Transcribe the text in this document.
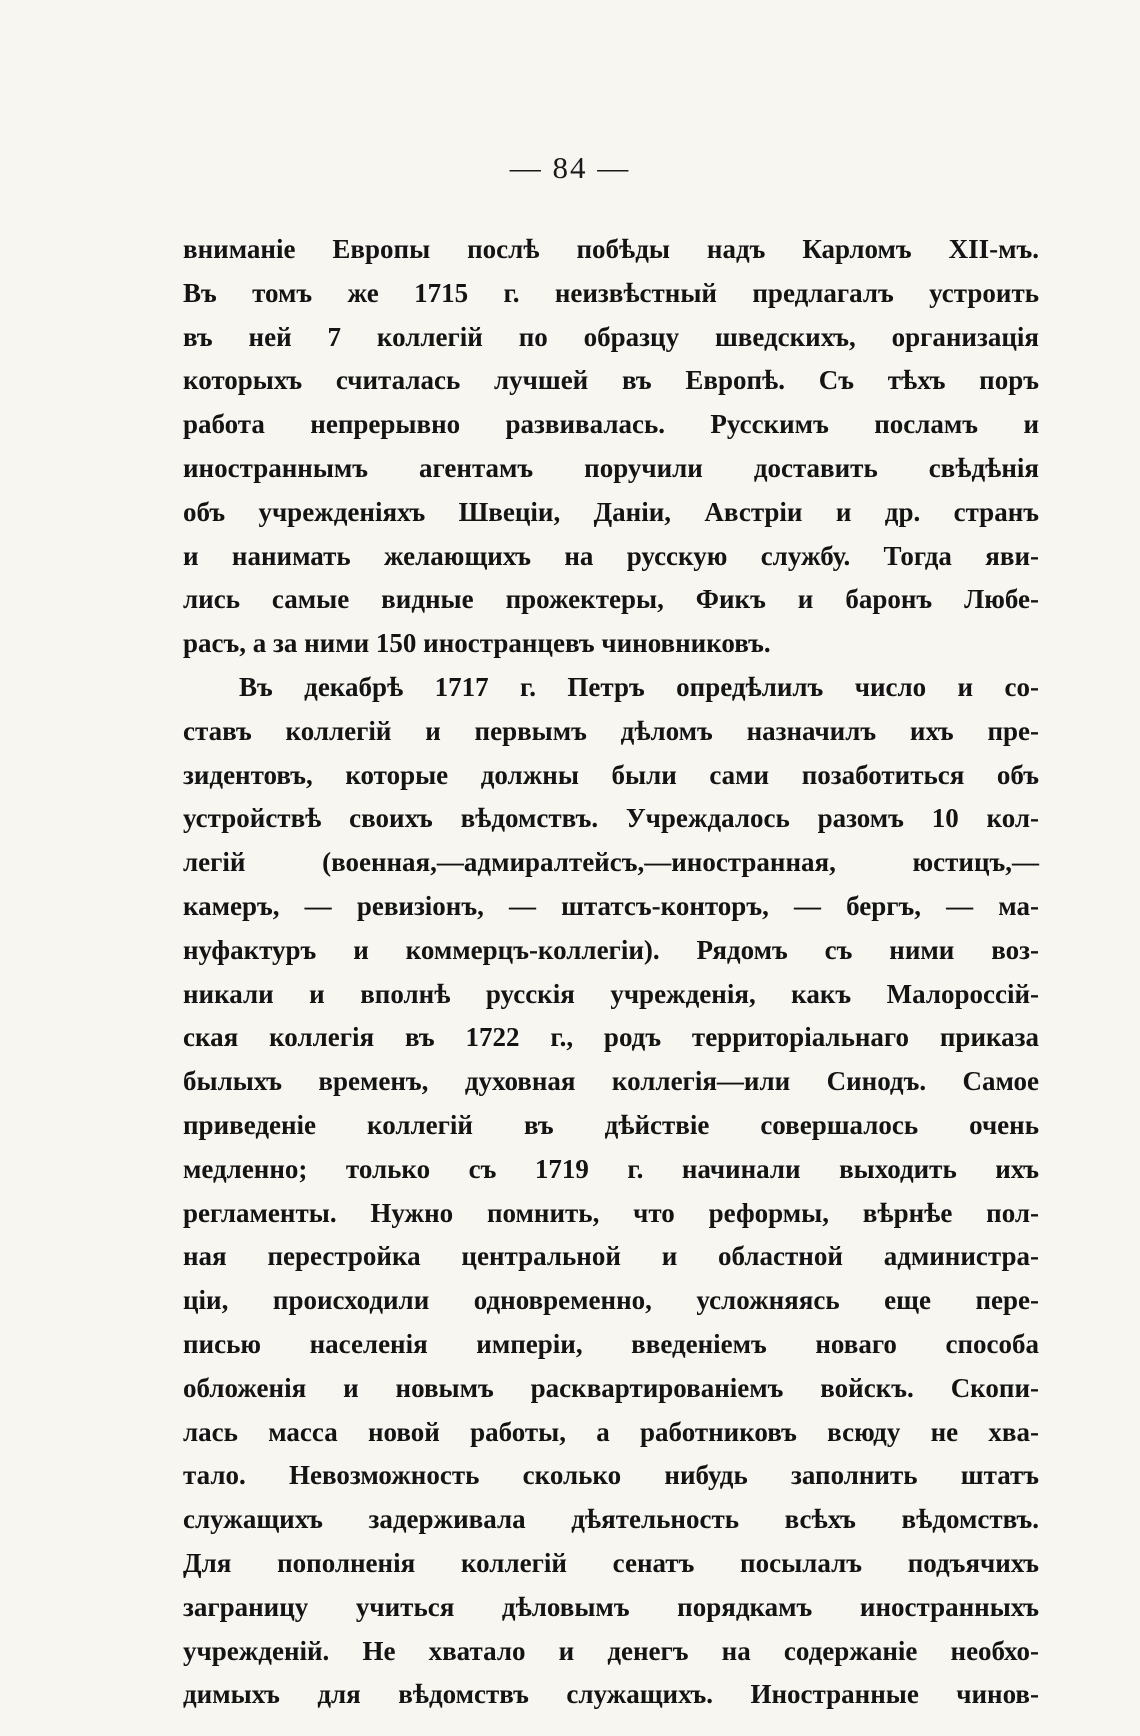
— 84 —
вниманіе Европы послѣ побѣды надъ Карломъ XII-мъ.
Въ томъ же 1715 г. неизвѣстный предлагалъ устроить
въ ней 7 коллегій по образцу шведскихъ, организація
которыхъ считалась лучшей въ Европѣ. Съ тѣхъ поръ
работа непрерывно развивалась. Русскимъ посламъ и
иностраннымъ агентамъ поручили доставить свѣдѣнія
объ учрежденіяхъ Швеціи, Даніи, Австріи и др. странъ
и нанимать желающихъ на русскую службу. Тогда яви-
лись самые видные прожектеры, Фикъ и баронъ Любе-
расъ, а за ними 150 иностранцевъ чиновниковъ.
Въ декабрѣ 1717 г. Петръ опредѣлилъ число и со-
ставъ коллегій и первымъ дѣломъ назначилъ ихъ пре-
зидентовъ, которые должны были сами позаботиться объ
устройствѣ своихъ вѣдомствъ. Учреждалось разомъ 10 кол-
легій (военная,—адмиралтейсъ,—иностранная, юстицъ,—
камеръ, — ревизіонъ, — штатсъ-конторъ, — бергъ, — ма-
нуфактуръ и коммерцъ-коллегіи). Рядомъ съ ними воз-
никали и вполнѣ русскія учрежденія, какъ Малороссій-
ская коллегія въ 1722 г., родъ территоріальнаго приказа
былыхъ временъ, духовная коллегія—или Синодъ. Самое
приведеніе коллегій въ дѣйствіе совершалось очень
медленно; только съ 1719 г. начинали выходить ихъ
регламенты. Нужно помнить, что реформы, вѣрнѣе пол-
ная перестройка центральной и областной администра-
ціи, происходили одновременно, усложняясь еще пере-
писью населенія имперіи, введеніемъ новаго способа
обложенія и новымъ расквартированіемъ войскъ. Скопи-
лась масса новой работы, а работниковъ всюду не хва-
тало. Невозможность сколько нибудь заполнить штатъ
служащихъ задерживала дѣятельность всѣхъ вѣдомствъ.
Для пополненія коллегій сенатъ посылалъ подъячихъ
заграницу учиться дѣловымъ порядкамъ иностранныхъ
учрежденій. Не хватало и денегъ на содержаніе необхо-
димыхъ для вѣдомствъ служащихъ. Иностранные чинов-
